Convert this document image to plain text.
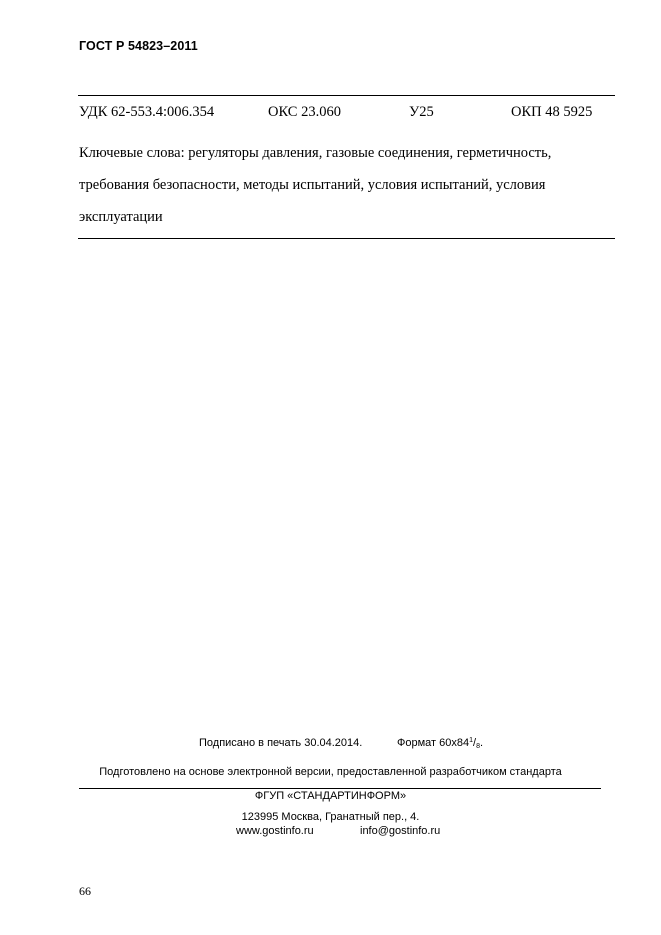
ГОСТ Р 54823–2011
УДК 62-553.4:006.354	ОКС 23.060	У25	ОКП 48 5925
Ключевые слова: регуляторы давления, газовые соединения, герметичность, требования безопасности, методы испытаний, условия испытаний, условия эксплуатации
Подписано в печать 30.04.2014.	Формат $60x84^1/_8$.
Подготовлено на основе электронной версии, предоставленной разработчиком стандарта
ФГУП «СТАНДАРТИНФОРМ»
123995 Москва, Гранатный пер., 4.
www.gostinfo.ru	info@gostinfo.ru
66
